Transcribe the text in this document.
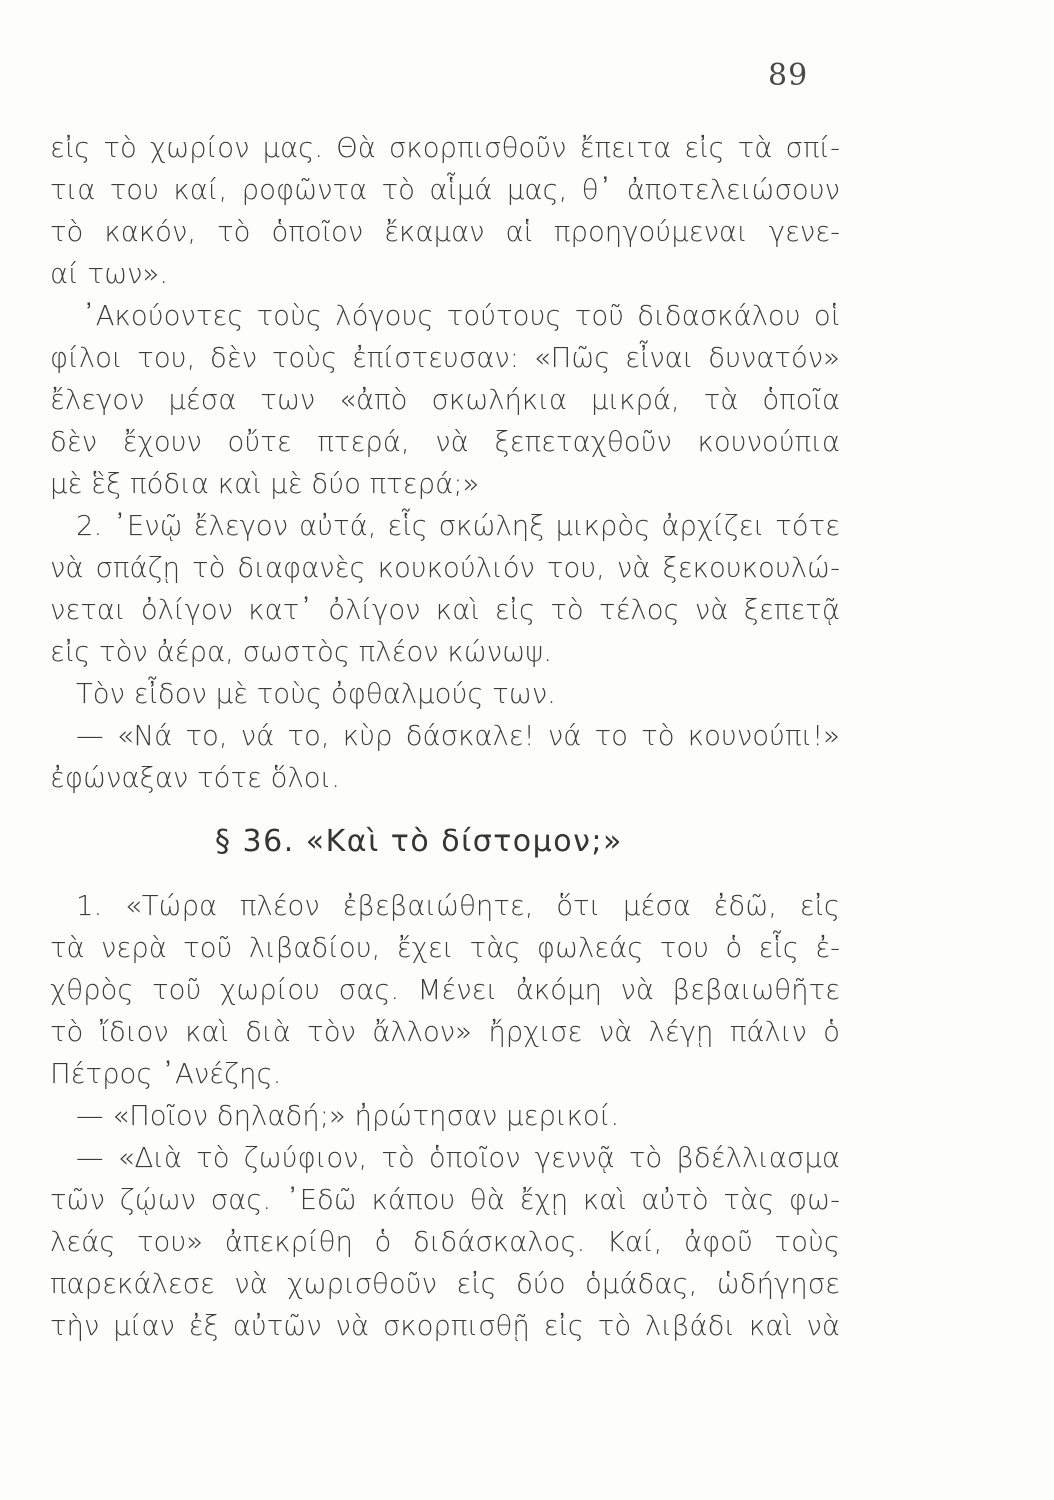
89
εἰς τὸ χωρίον μας. Θὰ σκορπισθοῦν ἔπειτα εἰς τὰ σπί-
τια του καί, ροφῶντα τὸ αἷμά μας, θ᾽ ἀποτελειώσουν
τὸ κακόν, τὸ ὁποῖον ἔκαμαν αἱ προηγούμεναι γενε-
αί των».
᾽Ακούοντες τοὺς λόγους τούτους τοῦ διδασκάλου οἱ
φίλοι του, δὲν τοὺς ἐπίστευσαν: «Πῶς εἶναι δυνατόν»
ἔλεγον μέσα των «ἀπὸ σκωλήκια μικρά, τὰ ὁποῖα
δὲν ἔχουν οὔτε πτερά, νὰ ξεπεταχθοῦν κουνούπια
μὲ ἓξ πόδια καὶ μὲ δύο πτερά;»
2. ᾽Ενῷ ἔλεγον αὐτά, εἷς σκώληξ μικρὸς ἀρχίζει τότε
νὰ σπάζῃ τὸ διαφανὲς κουκούλιόν του, νὰ ξεκουκουλώ-
νεται ὀλίγον κατ᾽ ὀλίγον καὶ εἰς τὸ τέλος νὰ ξεπετᾷ
εἰς τὸν ἀέρα, σωστὸς πλέον κώνωψ.
Τὸν εἶδον μὲ τοὺς ὀφθαλμούς των.
— «Νά το, νά το, κὺρ δάσκαλε! νά το τὸ κουνούπι!»
ἐφώναξαν τότε ὅλοι.
§ 36. «Καὶ τὸ δίστομον;»
1. «Τώρα πλέον ἐβεβαιώθητε, ὅτι μέσα ἐδῶ, εἰς
τὰ νερὰ τοῦ λιβαδίου, ἔχει τὰς φωλεάς του ὁ εἷς ἐ-
χθρὸς τοῦ χωρίου σας. Μένει ἀκόμη νὰ βεβαιωθῆτε
τὸ ἴδιον καὶ διὰ τὸν ἄλλον» ἤρχισε νὰ λέγῃ πάλιν ὁ
Πέτρος ᾽Ανέζης.
— «Ποῖον δηλαδή;» ἠρώτησαν μερικοί.
— «Διὰ τὸ ζωύφιον, τὸ ὁποῖον γεννᾷ τὸ βδέλλιασμα
τῶν ζῴων σας. ᾽Εδῶ κάπου θὰ ἔχῃ καὶ αὐτὸ τὰς φω-
λεάς του» ἀπεκρίθη ὁ διδάσκαλος. Καί, ἀφοῦ τοὺς
παρεκάλεσε νὰ χωρισθοῦν εἰς δύο ὁμάδας, ὡδήγησε
τὴν μίαν ἐξ αὐτῶν νὰ σκορπισθῇ εἰς τὸ λιβάδι καὶ νὰ
